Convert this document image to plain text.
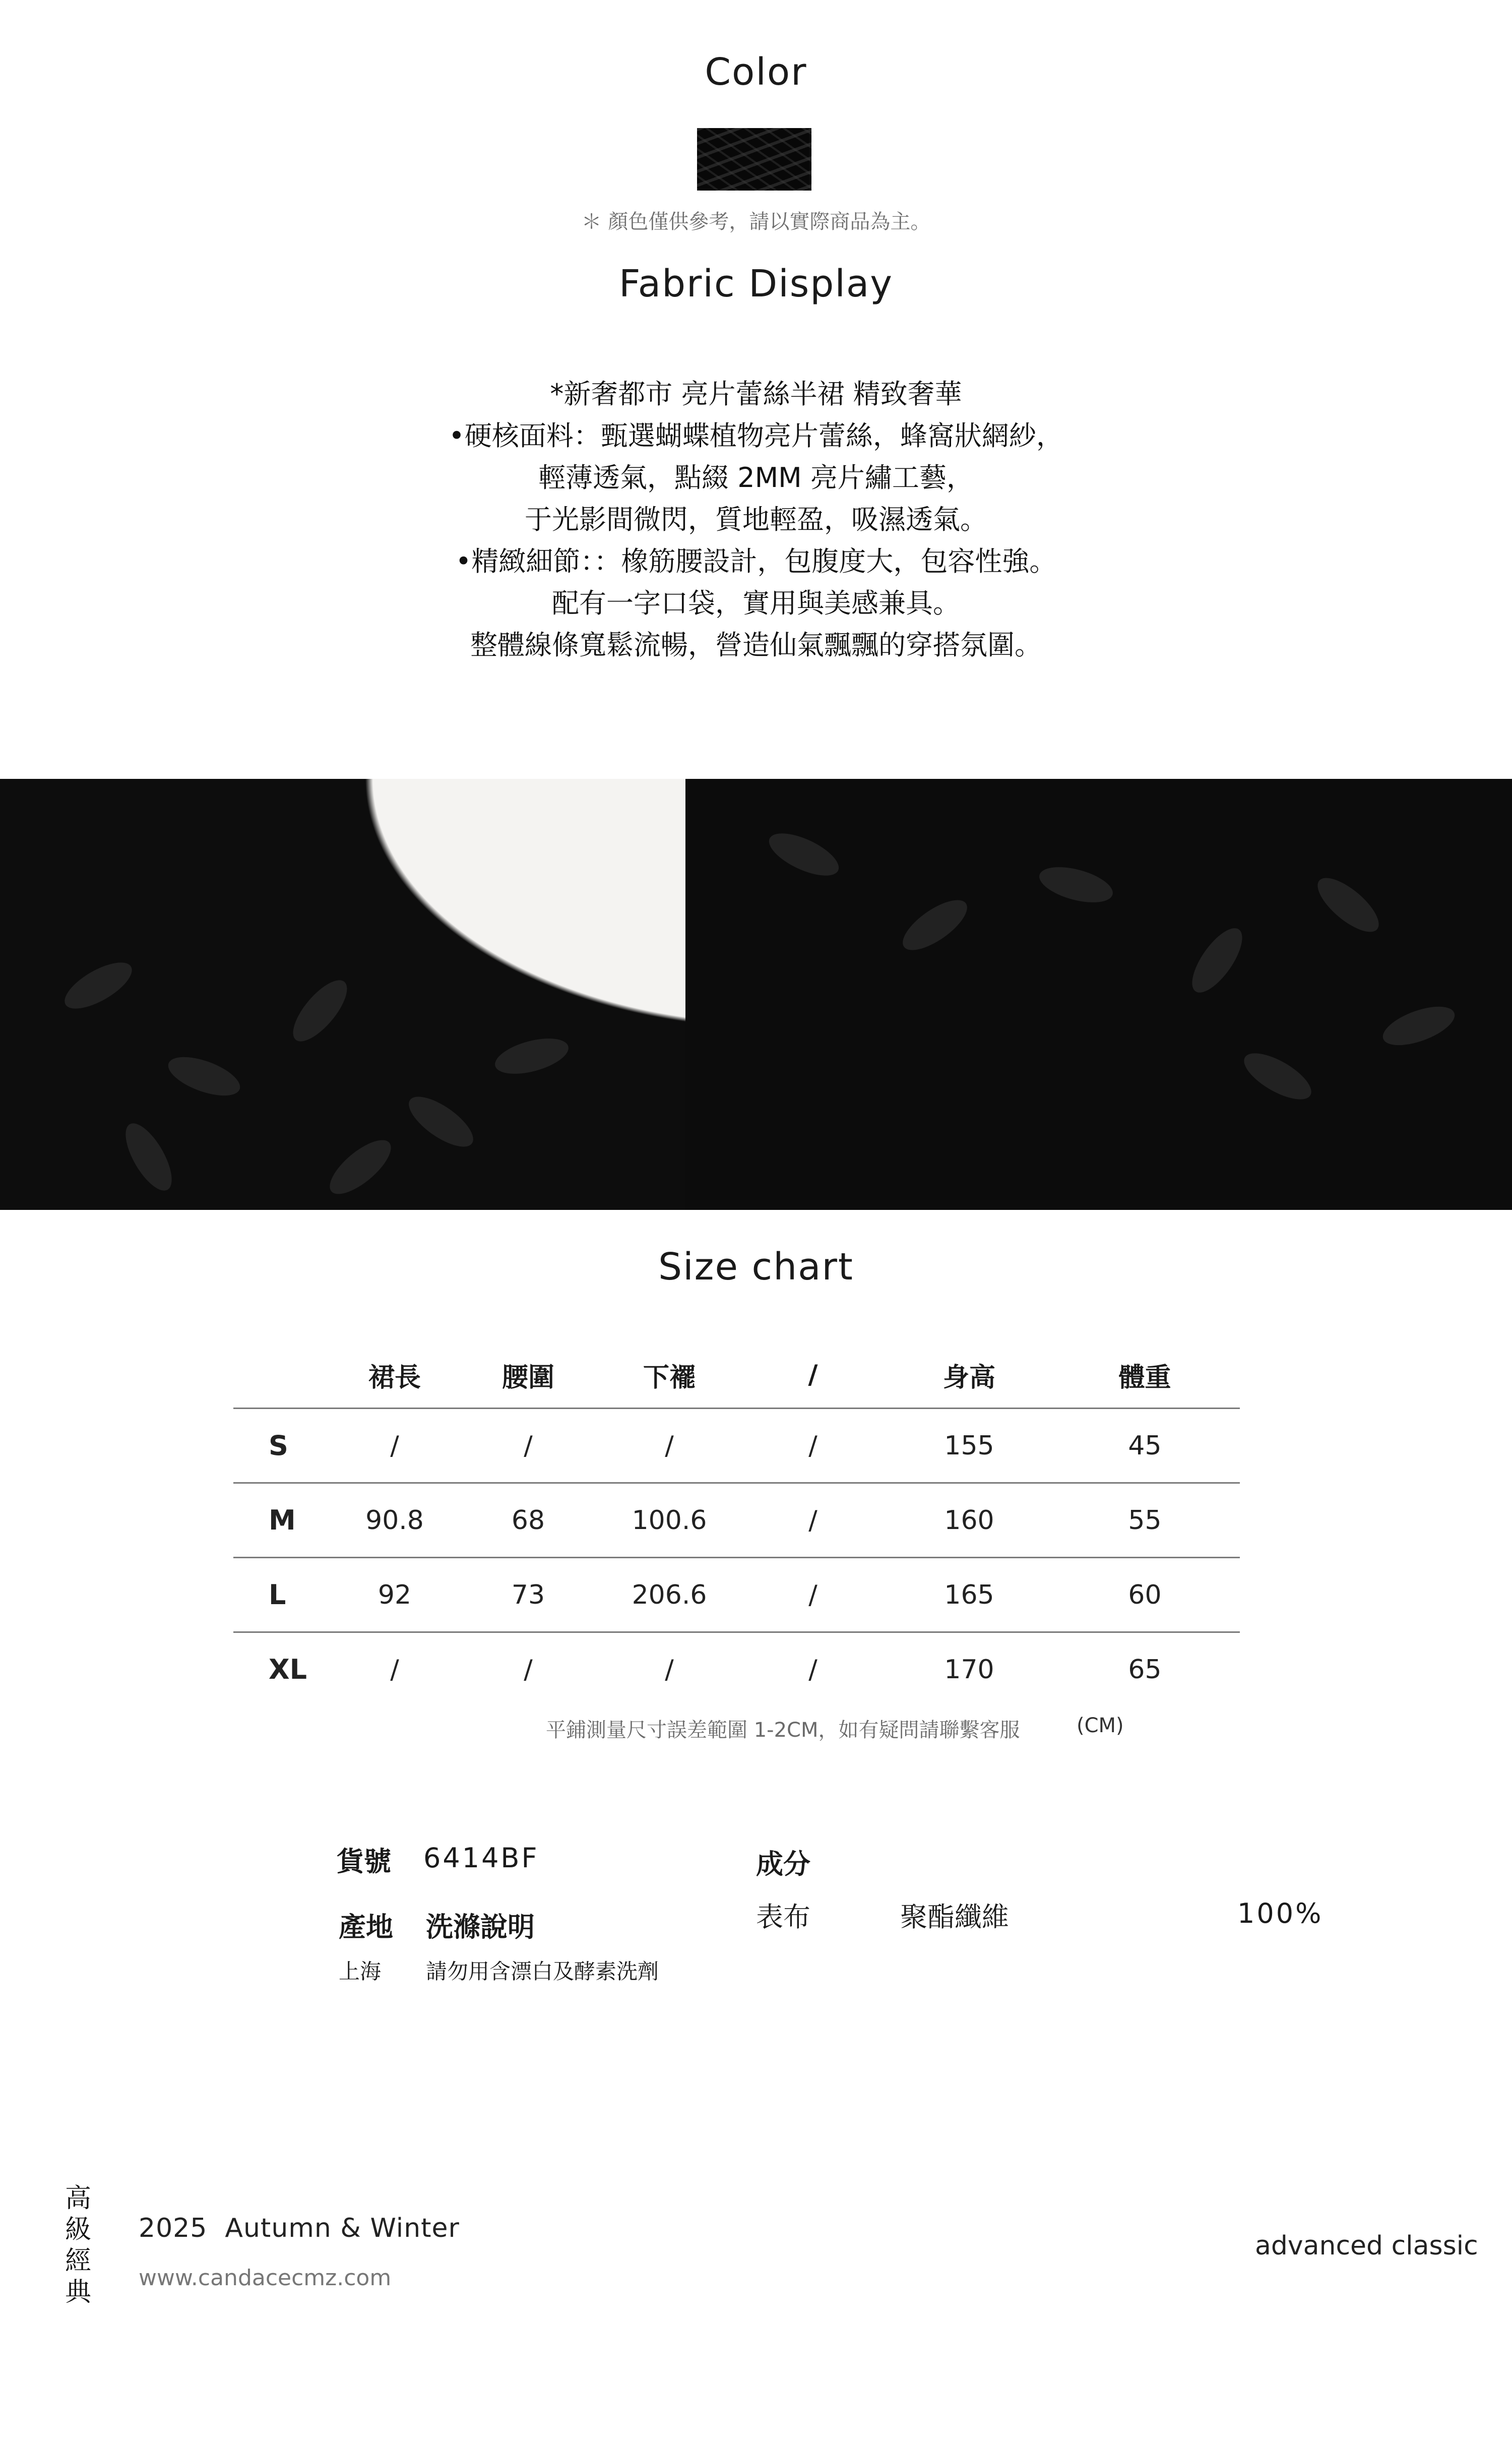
Color
＊ 顏色僅供參考，請以實際商品為主。
Fabric Display
*新奢都市 亮片蕾絲半裙 精致奢華
•硬核面料：甄選蝴蝶植物亮片蕾絲，蜂窩狀網紗，
輕薄透氣，點綴 2MM 亮片繡工藝，
于光影間微閃，質地輕盈，吸濕透氣。
•精緻細節：：橡筋腰設計，包腹度大，包容性強。
配有一字口袋，實用與美感兼具。
整體線條寬鬆流暢，營造仙氣飄飄的穿搭氛圍。
Size chart
	裙長	腰圍	下襬	/	身高	體重
S	/	/	/	/	155	45
M	90.8	68	100.6	/	160	55
L	92	73	206.6	/	165	60
XL	/	/	/	/	170	65
平鋪測量尺寸誤差範圍 1-2CM，如有疑問請聯繫客服	(CM)
貨號 6414BF
產地 洗滌說明
上海 請勿用含漂白及酵素洗劑
成分
表布	聚酯纖維	100%
高
級
經
典
2025  Autumn & Winter
www.candacecmz.com
advanced classic
